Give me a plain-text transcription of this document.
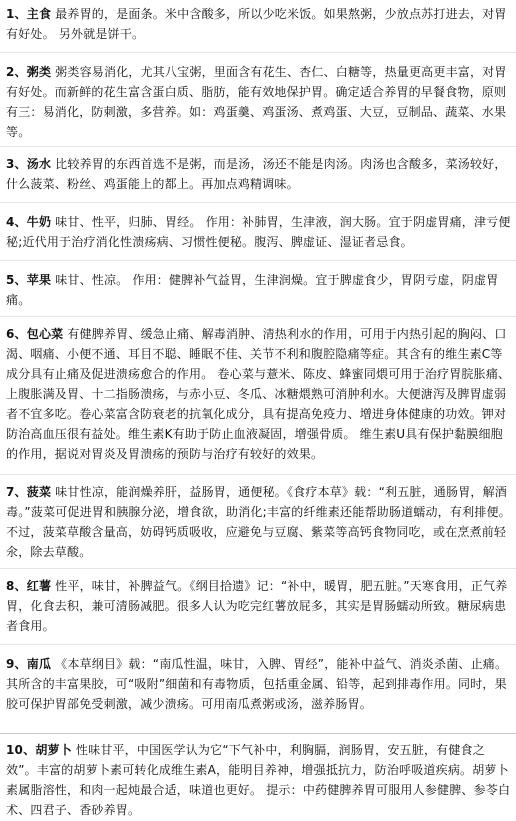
1、主食 最养胃的，是面条。米中含酸多，所以少吃米饭。如果熬粥，少放点苏打进去，对胃有好处。 另外就是饼干。
2、粥类 粥类容易消化，尤其八宝粥，里面含有花生、杏仁、白糖等，热量更高更丰富，对胃有好处。而新鲜的花生富含蛋白质、脂肪，能有效地保护胃。确定适合养胃的早餐食物，原则有三：易消化，防刺激，多营养。如：鸡蛋羹、鸡蛋汤、煮鸡蛋、大豆，豆制品、蔬菜、水果等。
3、汤水 比较养胃的东西首选不是粥，而是汤，汤还不能是肉汤。肉汤也含酸多，菜汤较好，什么菠菜、粉丝、鸡蛋能上的都上。再加点鸡精调味。
4、牛奶 味甘、性平，归肺、胃经。 作用：补肺胃，生津液，润大肠。宜于阴虚胃痛，津亏便秘;近代用于治疗消化性溃疡病、习惯性便秘。腹泻、脾虚证、湿证者忌食。
5、苹果 味甘、性凉。 作用：健脾补气益胃，生津润燥。宜于脾虚食少，胃阴亏虚，阴虚胃痛。
6、包心菜 有健脾养胃、缓急止痛、解毒消肿、清热利水的作用，可用于内热引起的胸闷、口渴、咽痛、小便不通、耳目不聪、睡眠不佳、关节不利和腹腔隐痛等症。其含有的维生素C等成分具有止痛及促进溃疡愈合的作用。 卷心菜与薏米、陈皮、蜂蜜同煨可用于治疗胃脘胀痛、上腹胀满及胃、十二指肠溃疡，与赤小豆、冬瓜、冰糖煨熟可消肿利水。大便溏泻及脾胃虚弱者不宜多吃。卷心菜富含防衰老的抗氧化成分，具有提高免疫力、增进身体健康的功效。钾对防治高血压很有益处。维生素K有助于防止血液凝固，增强骨质。 维生素U具有保护黏膜细胞的作用，据说对胃炎及胃溃疡的预防与治疗有较好的效果。
7、菠菜 味甘性凉，能润燥养肝，益肠胃，通便秘。《食疗本草》载：“利五脏，通肠胃，解酒毒。”菠菜可促进胃和胰腺分泌，增食欲，助消化;丰富的纤维素还能帮助肠道蠕动，有利排便。不过，菠菜草酸含量高，妨碍钙质吸收，应避免与豆腐、紫菜等高钙食物同吃，或在烹煮前轻氽，除去草酸。
8、红薯 性平，味甘，补脾益气。《纲目拾遗》记：“补中，暖胃，肥五脏。”天寒食用，正气养胃，化食去积，兼可清肠减肥。很多人认为吃完红薯放屁多，其实是胃肠蠕动所致。糖尿病患者食用。
9、南瓜 《本草纲目》载：“南瓜性温，味甘，入脾、胃经”，能补中益气、消炎杀菌、止痛。其所含的丰富果胶，可“吸附”细菌和有毒物质，包括重金属、铅等，起到排毒作用。同时，果胶可保护胃部免受刺激，减少溃疡。可用南瓜煮粥或汤，滋养肠胃。
10、胡萝卜 性味甘平，中国医学认为它“下气补中，利胸膈，润肠胃，安五脏，有健食之效”。丰富的胡萝卜素可转化成维生素A，能明目养神，增强抵抗力，防治呼吸道疾病。胡萝卜素属脂溶性，和肉一起炖最合适，味道也更好。 提示：中药健脾养胃可服用人参健脾、参苓白术、四君子、香砂养胃。
